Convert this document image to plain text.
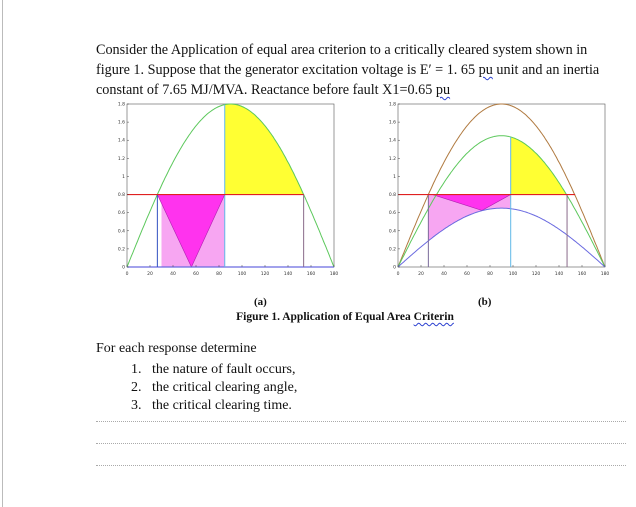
Consider the Application of equal area criterion to a critically cleared system shown in
figure 1. Suppose that the generator excitation voltage is E′ = 1. 65 pu unit and an inertia
constant of 7.65 MJ/MVA. Reactance before fault X1=0.65 pu
0	20	40	60	80	100	120	140	160	180
0
0.2
0.4
0.6
0.8
1
1.2
1.4
1.6
1.8
0	20	40	60	80	100	120	140	160	180
0
0.2
0.4
0.6
0.8
1
1.2
1.4
1.6
1.8
(a)	(b)
Figure 1. Application of Equal Area Criterin
For each response determine
1. the nature of fault occurs,
2. the critical clearing angle,
3. the critical clearing time.
